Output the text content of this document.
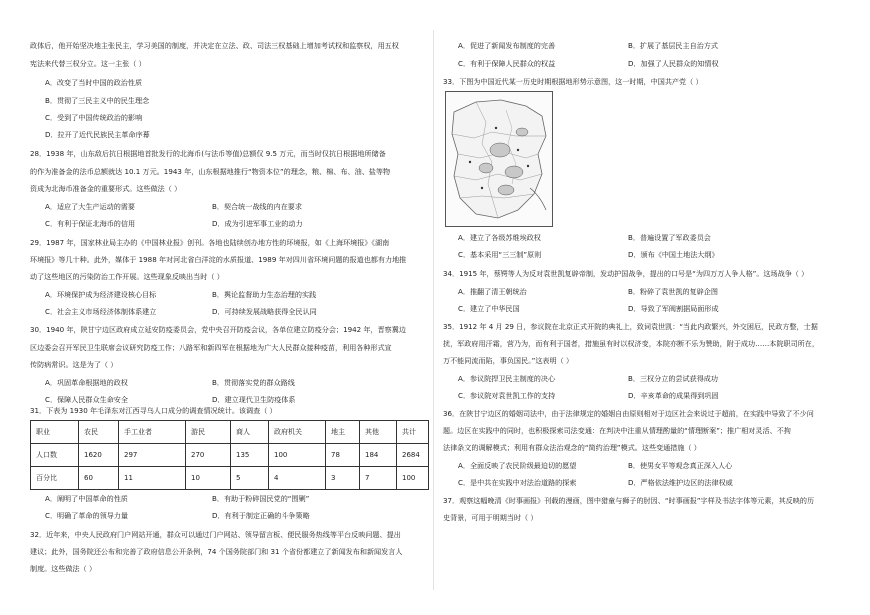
政体后，他开始坚决地主张民主，学习美国的制度，并决定在立法、政、司法三权基础上增加考试权和监察权，用五权
宪法来代替三权分立。这一主张（ ）
A．改变了当时中国的政治性质
B．贯彻了三民主义中的民生理念
C．受到了中国传统政治的影响
D．拉开了近代民族民主革命序幕
28．1938 年，山东敌后抗日根据地首批发行的北海币(与法币等值)总额仅 9.5 万元，而当时仅抗日根据地所储备
的作为准备金的法币总额就达 10.1 万元。1943 年，山东根据地推行“物资本位”的理念，粮、棉、布、油、盐等物
资成为北海币准备金的重要形式。这些做法（ ）
A．适应了大生产运动的需要	B．契合统一战线的内在要求
C．有利于保证北海币的信用	D．成为引进军事工业的动力
29．1987 年，国家林业局主办的《中国林业报》创刊。各地也陆续创办地方性的环境报，如《上海环境报》《湖南
环境报》等几十种。此外，媒体于 1988 年对河北省白洋淀的水质报道、1989 年对四川省环境问题的报道也都有力地推
动了这些地区的污染防治工作开展。这些现象反映出当时（ ）
A．环境保护成为经济建设核心目标	B．舆论监督助力生态治理的实践
C．社会主义市场经济体制体系建立	D．可持续发展战略获得全民认同
30．1940 年，陕甘宁边区政府成立延安防疫委员会，党中央召开防疫会议，各单位建立防疫分会；1942 年，晋察冀边
区边委会召开军民卫生联席会议研究防疫工作；八路军和新四军在根据地为广大人民群众接种疫苗，利用各种形式宣
传防病常识。这是为了（ ）
A．巩固革命根据地的政权	B．贯彻落实党的群众路线
C．保障人民群众生命安全	D．建立现代卫生防疫体系
31．下表为 1930 年毛泽东对江西寻乌人口成分的调查情况统计。该调查（ ）
职业	农民	手工业者	游民	商人	政府机关	地主	其他	共计
人口数	1620	297	270	135	100	78	184	2684
百分比	60	11	10	5	4	3	7	100
A．阐明了中国革命的性质	B．有助于粉碎国民党的“围剿”
C．明确了革命的领导力量	D．有利于制定正确的斗争策略
32．近年来，中央人民政府门户网站开通，群众可以通过门户网站、领导留言板、便民服务热线等平台反映问题、提出
建议；此外，国务院还公布和完善了政府信息公开条例，74 个国务院部门和 31 个省份都建立了新闻发布和新闻发言人
制度。这些做法（ ）
A．促进了新闻发布制度的完善	B．扩展了基层民主自治方式
C．有利于保障人民群众的权益	D．加强了人民群众的知情权
33．下图为中国近代某一历史时期根据地形势示意图，这一时期，中国共产党（ ）
A．建立了各级苏维埃政权	B．普遍设置了军政委员会
C．基本采用“三三制”原则	D．颁布《中国土地法大纲》
34．1915 年，蔡锷等人为反对袁世凯复辟帝制，发动护国战争，提出的口号是“为四万万人争人格”。这场战争（ ）
A．推翻了清王朝统治	B．粉碎了袁世凯的复辟企图
C．建立了中华民国	D．导致了军阀割据局面形成
35．1912 年 4 月 29 日，参议院在北京正式开院的典礼上，致词袁世凯：“当此内政繁兴，外交困厄，民政方整，士据
扰，军政府用汗霜，营乃为，而有利于国者，措施虽有时以权济变，本院亦断不乐为赞助，附于成功……本院职司所在，
万不能同流而陷，事负国民。”这表明（ ）
A．参议院捍卫民主制度的决心	B．三权分立的尝试获得成功
C．参议院对袁世凯工作的支持	D．辛亥革命的成果得到巩固
36．在陕甘宁边区的婚姻司法中，由于法律规定的婚姻自由原则相对于边区社会来说过于超前，在实践中导致了不少问
题。边区在实践中的同时，也积极探索司法变通：在判决中注重从情理酌量的“情理断案”；推广相对灵活、不拘
法律条文的调解模式；利用有群众法治观念的“简约治理”模式。这些变通措施（ ）
A．全面反映了农民阶级最迫切的愿望	B．使男女平等观念真正深入人心
C．是中共在实践中对法治道路的探索	D．严格依法维护边区的法律权威
37．观察这幅晚清《时事画报》刊载的漫画，图中猎童与狮子的肘因、“时事画报”字样及书法字体等元素，其反映的历
史背景，可用于明期当时（ ）
